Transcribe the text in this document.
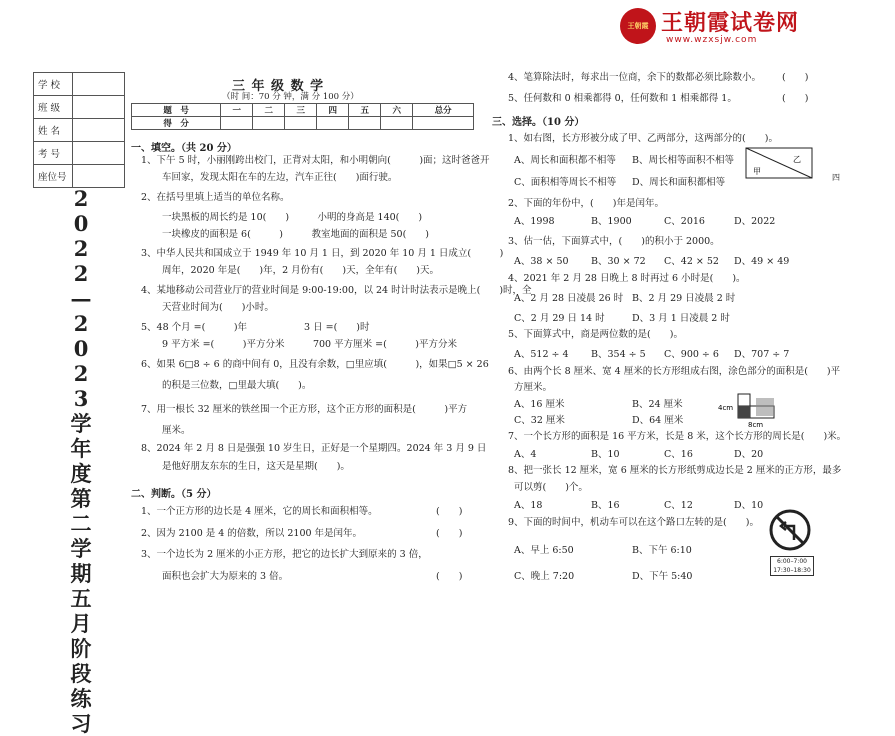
王朝霞 王朝霞试卷网
www.wzxsjw.com
学 校	
班 级	
姓 名	
考 号	
座位号	
2
0
2
2
—
2
0
2
3
学
年
度
第
二
学
期
五
月
阶
段
练
习
三 年 级 数 学
（时 间：70 分 钟，满 分 100 分）
题　号	一	二	三	四	五	六	总分
得　分							
一、填空。（共 20 分）
1、下午 5 时，小丽刚跨出校门，正背对太阳，和小明朝向(　　　)面；这时爸爸开
车回家，发现太阳在车的左边，汽车正往(　　)面行驶。
2、在括号里填上适当的单位名称。
一块黑板的周长约是 10(　　)　　　小明的身高是 140(　　)
一块橡皮的面积是 6(　　　)　　　教室地面的面积是 50(　　)
3、中华人民共和国成立于 1949 年 10 月 1 日，到 2020 年 10 月 1 日成立(　　　)
周年，2020 年是(　　)年，2 月份有(　　)天，全年有(　　)天。
4、某地移动公司营业厅的营业时间是 9:00-19:00，以 24 时计时法表示是晚上(　　)时，全
天营业时间为(　　)小时。
5、48 个月 =(　　　)年　　　　　　3 日 =(　　)时
9 平方米 =(　　　)平方分米　　　700 平方厘米 =(　　　)平方分米
6、如果 6□8 ÷ 6 的商中间有 0，且没有余数，□里应填(　　　)，如果□5 × 26
的积是三位数，□里最大填(　　)。
7、用一根长 32 厘米的铁丝围一个正方形，这个正方形的面积是(　　　)平方
厘米。
8、2024 年 2 月 8 日是强强 10 岁生日，正好是一个星期四。2024 年 3 月 9 日
是他好朋友东东的生日，这天是星期(　　)。
二、判断。（5 分）
1、一个正方形的边长是 4 厘米，它的周长和面积相等。	(　　)
2、因为 2100 是 4 的倍数，所以 2100 年是闰年。	(　　)
3、一个边长为 2 厘米的小正方形，把它的边长扩大到原来的 3 倍，
面积也会扩大为原来的 3 倍。	(　　)
4、笔算除法时，每求出一位商，余下的数都必须比除数小。 (　　)
5、任何数和 0 相乘都得 0，任何数和 1 相乘都得 1。	(　　)
三、选择。（10 分）
1、如右图，长方形被分成了甲、乙两部分，这两部分的(　　)。
A、周长和面积都不相等 B、周长相等面积不相等
C、面积相等周长不相等 D、周长和面积都相等
2、下面的年份中，(　　)年是闰年。
A、1998	B、1900	C、2016	D、2022
3、估一估，下面算式中，(　　)的积小于 2000。
A、38 × 50 B、30 × 72 C、42 × 52 D、49 × 49
4、2021 年 2 月 28 日晚上 8 时再过 6 小时是(　　)。
A、2 月 28 日凌晨 26 时 B、2 月 29 日凌晨 2 时
C、2 月 29 日 14 时	D、3 月 1 日凌晨 2 时
5、下面算式中，商是两位数的是(　　)。
A、512 ÷ 4 B、354 ÷ 5 C、900 ÷ 6 D、707 ÷ 7
6、由两个长 8 厘米、宽 4 厘米的长方形组成右图，涂色部分的面积是(　　)平
方厘米。
A、16 厘米	B、24 厘米
C、32 厘米	D、64 厘米
7、一个长方形的面积是 16 平方米，长是 8 米，这个长方形的周长是(　　)米。
A、4	B、10	C、16	D、20
8、把一张长 12 厘米，宽 6 厘米的长方形纸剪成边长是 2 厘米的正方形，最多
可以剪(　　)个。
A、18	B、16	C、12	D、10
9、下面的时间中，机动车可以在这个路口左转的是(　　)。
A、早上 6:50	B、下午 6:10
C、晚上 7:20	D、下午 5:40
甲
乙
四
4cm
8cm
6:00–7:00
17:30–18:30
